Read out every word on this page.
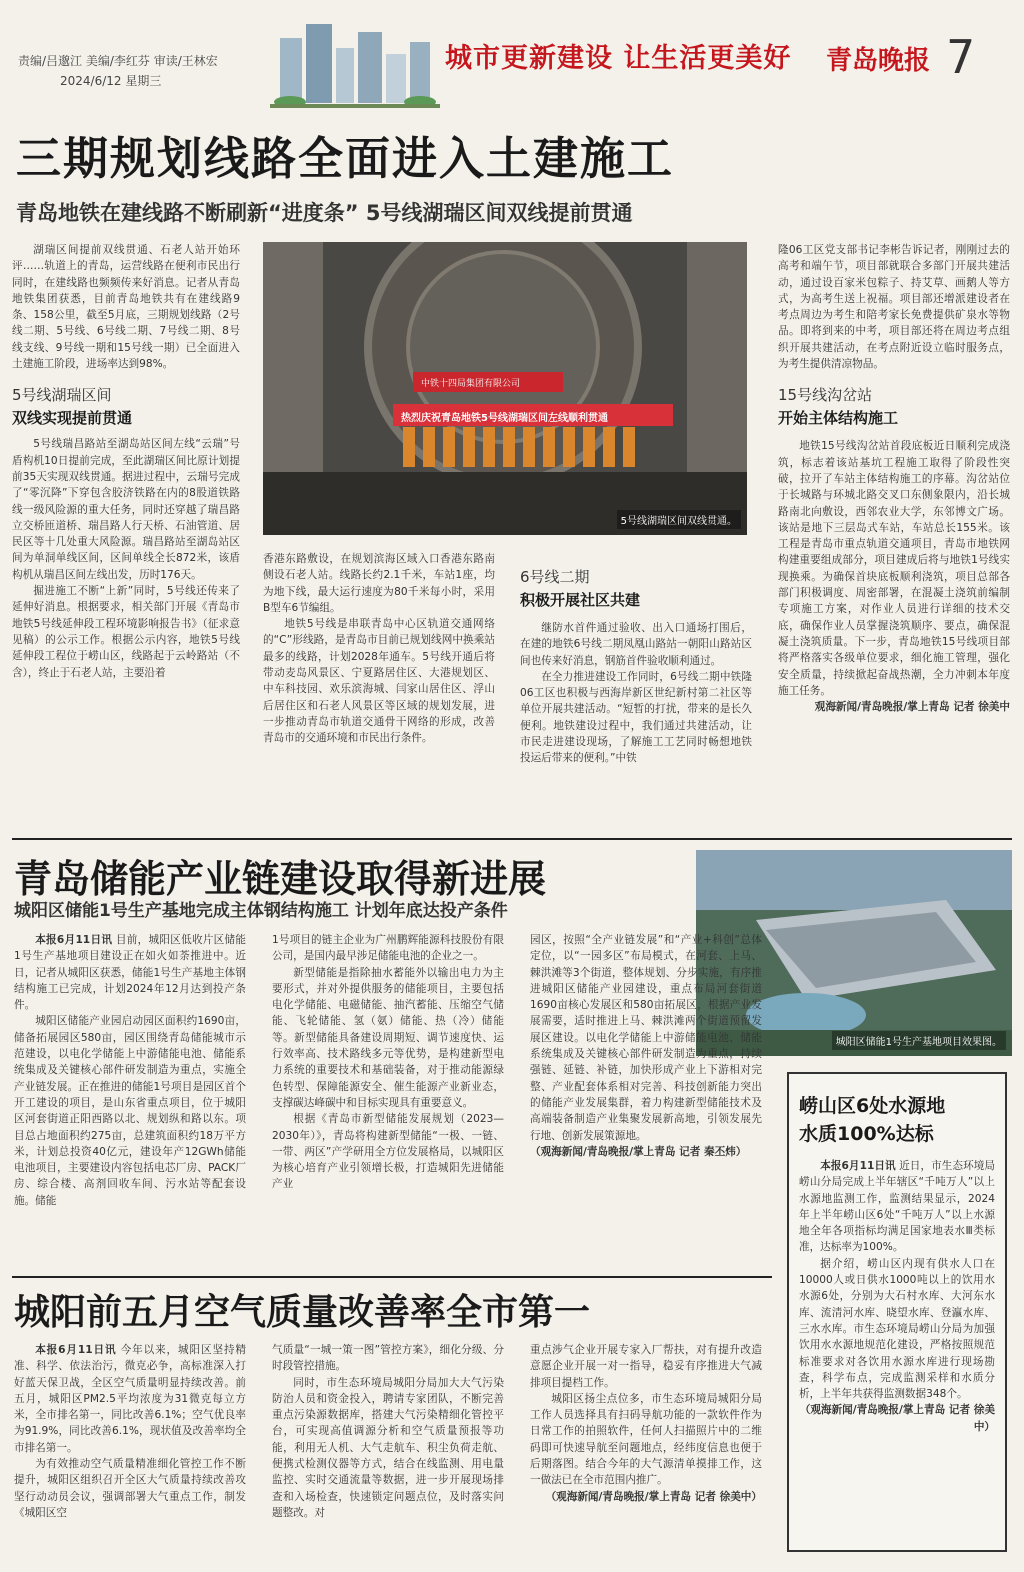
责编/吕邈江 美编/李红芬 审读/王林宏
2024/6/12 星期三
城市更新建设 让生活更美好 青岛晚报 7
三期规划线路全面进入土建施工
青岛地铁在建线路不断刷新“进度条” 5号线湖瑞区间双线提前贯通

湖瑞区间提前双线贯通、石老人站开始环评……轨道上的青岛，运营线路在便利市民出行同时，在建线路也频频传来好消息。记者从青岛地铁集团获悉，目前青岛地铁共有在建线路9条、158公里，截至5月底，三期规划线路（2号线二期、5号线、6号线二期、7号线二期、8号线支线、9号线一期和15号线一期）已全面进入土建施工阶段，进场率达到98%。

5号线湖瑞区间
双线实现提前贯通

5号线瑞昌路站至湖岛站区间左线“云瑞”号盾构机10日提前完成，至此湖瑞区间比原计划提前35天实现双线贯通。据进过程中，云瑞号完成了“零沉降”下穿包含胶济铁路在内的8股道铁路线一级风险源的重大任务，同时还穿越了瑞昌路立交桥匝道桥、瑞昌路人行天桥、石油管道、居民区等十几处重大风险源。瑞昌路站至湖岛站区间为单洞单线区间，区间单线全长872米，该盾构机从瑞昌区间左线出发，历时176天。

掘进施工不断“上新”同时，5号线还传来了延伸好消息。根据要求，相关部门开展《青岛市地铁5号线延伸段工程环境影响报告书》（征求意见稿）的公示工作。根据公示内容，地铁5号线延伸段工程位于崂山区，线路起于云岭路站（不含），终止于石老人站，主要沿着

中铁十四局集团有限公司
热烈庆祝青岛地铁5号线湖瑞区间左线顺利贯通
5号线湖瑞区间双线贯通。

香港东路敷设，在规划滨海区域入口香港东路南侧设石老人站。线路长约2.1千米，车站1座，均为地下线，最大运行速度为80千米每小时，采用B型车6节编组。

地铁5号线是串联青岛中心区轨道交通网络的“C”形线路，是青岛市目前已规划线网中换乘站最多的线路，计划2028年通车。5号线开通后将带动麦岛风景区、宁夏路居住区、大港规划区、中车科技园、欢乐滨海城、闫家山居住区、浮山后居住区和石老人风景区等区域的规划发展，进一步推动青岛市轨道交通骨干网络的形成，改善青岛市的交通环境和市民出行条件。

6号线二期
积极开展社区共建

继防水首件通过验收、出入口通场打围后，在建的地铁6号线二期凤凰山路站一朝阳山路站区间也传来好消息，钢筋首件验收顺利通过。

在全力推进建设工作同时，6号线二期中铁隆06工区也积极与西海岸新区世纪新村第二社区等单位开展共建活动。“短暂的打扰，带来的是长久便利。地铁建设过程中，我们通过共建活动，让市民走进建设现场，了解施工工艺同时畅想地铁投运后带来的便利。”中铁

隆06工区党支部书记李彬告诉记者，刚刚过去的高考和端午节，项目部就联合多部门开展共建活动，通过设百家米包粽子、持艾草、画鹅人等方式，为高考生送上祝福。项目部还增派建设者在考点周边为考生和陪考家长免费提供矿泉水等物品。即将到来的中考，项目部还将在周边考点组织开展共建活动，在考点附近设立临时服务点，为考生提供清凉物品。

15号线沟岔站
开始主体结构施工

地铁15号线沟岔站首段底板近日顺利完成浇筑，标志着该站基坑工程施工取得了阶段性突破，拉开了车站主体结构施工的序幕。沟岔站位于长城路与环城北路交叉口东侧象限内，沿长城路南北向敷设，西邻农业大学，东邻博文广场。该站是地下三层岛式车站，车站总长155米。该工程是青岛市重点轨道交通项目，青岛市地铁网构建重要组成部分，项目建成后将与地铁1号线实现换乘。为确保首块底板顺利浇筑，项目总部各部门积极调度、周密部署，在混凝土浇筑前编制专项施工方案，对作业人员进行详细的技术交底，确保作业人员掌握浇筑顺序、要点，确保混凝土浇筑质量。下一步，青岛地铁15号线项目部将严格落实各级单位要求，细化施工管理，强化安全质量，持续掀起奋战热潮，全力冲刺本年度施工任务。

观海新闻/青岛晚报/掌上青岛 记者 徐美中
青岛储能产业链建设取得新进展
城阳区储能1号生产基地完成主体钢结构施工 计划年底达投产条件
城阳区储能1号生产基地项目效果图。

本报6月11日讯 目前，城阳区低收片区储能1号生产基地项目建设正在如火如荼推进中。近日，记者从城阳区获悉，储能1号生产基地主体钢结构施工已完成，计划2024年12月达到投产条件。

城阳区储能产业园启动园区面积约1690亩，储备拓展园区580亩，园区围绕青岛储能城市示范建设，以电化学储能上中游储能电池、储能系统集成及关键核心部件研发制造为重点，实施全产业链发展。正在推进的储能1号项目是园区首个开工建设的项目，是山东省重点项目，位于城阳区河套街道正阳西路以北、规划纵和路以东。项目总占地面积约275亩，总建筑面积约18万平方米，计划总投资40亿元，建设年产12GWh储能电池项目，主要建设内容包括电芯厂房、PACK厂房、综合楼、高剂回收车间、污水站等配套设施。储能

1号项目的链主企业为广州鹏辉能源科技股份有限公司，是国内最早涉足储能电池的企业之一。

新型储能是指除抽水蓄能外以输出电力为主要形式，并对外提供服务的储能项目，主要包括电化学储能、电磁储能、抽汽蓄能、压缩空气储能、飞轮储能、氢（氨）储能、热（冷）储能等。新型储能具备建设周期短、调节速度快、运行效率高、技术路线多元等优势，是构建新型电力系统的重要技术和基础装备，对于推动能源绿色转型、保障能源安全、催生能源产业新业态，支撑碳达峰碳中和目标实现具有重要意义。

根据《青岛市新型储能发展规划（2023—2030年）》，青岛将构建新型储能“一极、一链、一带、两区”产学研用全方位发展格局，以城阳区为核心培育产业引领增长极，打造城阳先进储能产业

园区，按照“全产业链发展”和“产业+科创”总体定位，以“一园多区”布局模式，在河套、上马、棘洪滩等3个街道，整体规划、分步实施，有序推进城阳区储能产业园建设，重点布局河套街道1690亩核心发展区和580亩拓展区，根据产业发展需要，适时推进上马、棘洪滩两个街道预留发展区建设。以电化学储能上中游储能电池、储能系统集成及关键核心部件研发制造为重点，持续强链、延链、补链，加快形成产业上下游相对完整、产业配套体系相对完善、科技创新能力突出的储能产业发展集群，着力构建新型储能技术及高端装备制造产业集聚发展新高地，引领发展先行地、创新发展策源地。

（观海新闻/青岛晚报/掌上青岛 记者 秦丕炜）
崂山区6处水源地
水质100%达标

本报6月11日讯 近日，市生态环境局崂山分局完成上半年辖区“千吨万人”以上水源地监测工作，监测结果显示，2024年上半年崂山区6处“千吨万人”以上水源地全年各项指标均满足国家地表水Ⅲ类标准，达标率为100%。

据介绍，崂山区内现有供水人口在10000人或日供水1000吨以上的饮用水水源6处，分别为大石村水库、大河东水库、流清河水库、晓望水库、登瀛水库、三水水库。市生态环境局崂山分局为加强饮用水水源地规范化建设，严格按照规范标准要求对各饮用水源水库进行现场勘查，科学布点，完成监测采样和水质分析，上半年共获得监测数据348个。

（观海新闻/青岛晚报/掌上青岛 记者 徐美中）
城阳前五月空气质量改善率全市第一

本报6月11日讯 今年以来，城阳区坚持精准、科学、依法治污，微克必争，高标准深入打好蓝天保卫战，全区空气质量明显持续改善。前五月，城阳区PM2.5平均浓度为31微克每立方米，全市排名第一，同比改善6.1%；空气优良率为91.9%，同比改善6.1%，现状值及改善率均全市排名第一。

为有效推动空气质量精准细化管控工作不断提升，城阳区组织召开全区大气质量持续改善攻坚行动动员会议，强调部署大气重点工作，制发《城阳区空

气质量“一城一策一图”管控方案》，细化分级、分时段管控措施。

同时，市生态环境局城阳分局加大大气污染防治人员和资金投入，聘请专家团队，不断完善重点污染源数据库，搭建大气污染精细化管控平台，可实现高值调源分析和空气质量预报等功能，利用无人机、大气走航车、积尘负荷走航、便携式检测仪器等方式，结合在线监测、用电量监控、实时交通流量等数据，进一步开展现场排查和入场检查，快速锁定问题点位，及时落实问题整改。对

重点涉气企业开展专家入厂帮扶，对有提升改造意愿企业开展一对一指导，稳妥有序推进大气减排项目提档工作。

城阳区扬尘点位多，市生态环境局城阳分局工作人员选择具有扫码导航功能的一款软件作为日常工作的拍照软件，任何人扫描照片中的二维码即可快速导航至问题地点，经纬度信息也便于后期落图。结合今年的大气源清单摸排工作，这一做法已在全市范围内推广。

（观海新闻/青岛晚报/掌上青岛 记者 徐美中）
